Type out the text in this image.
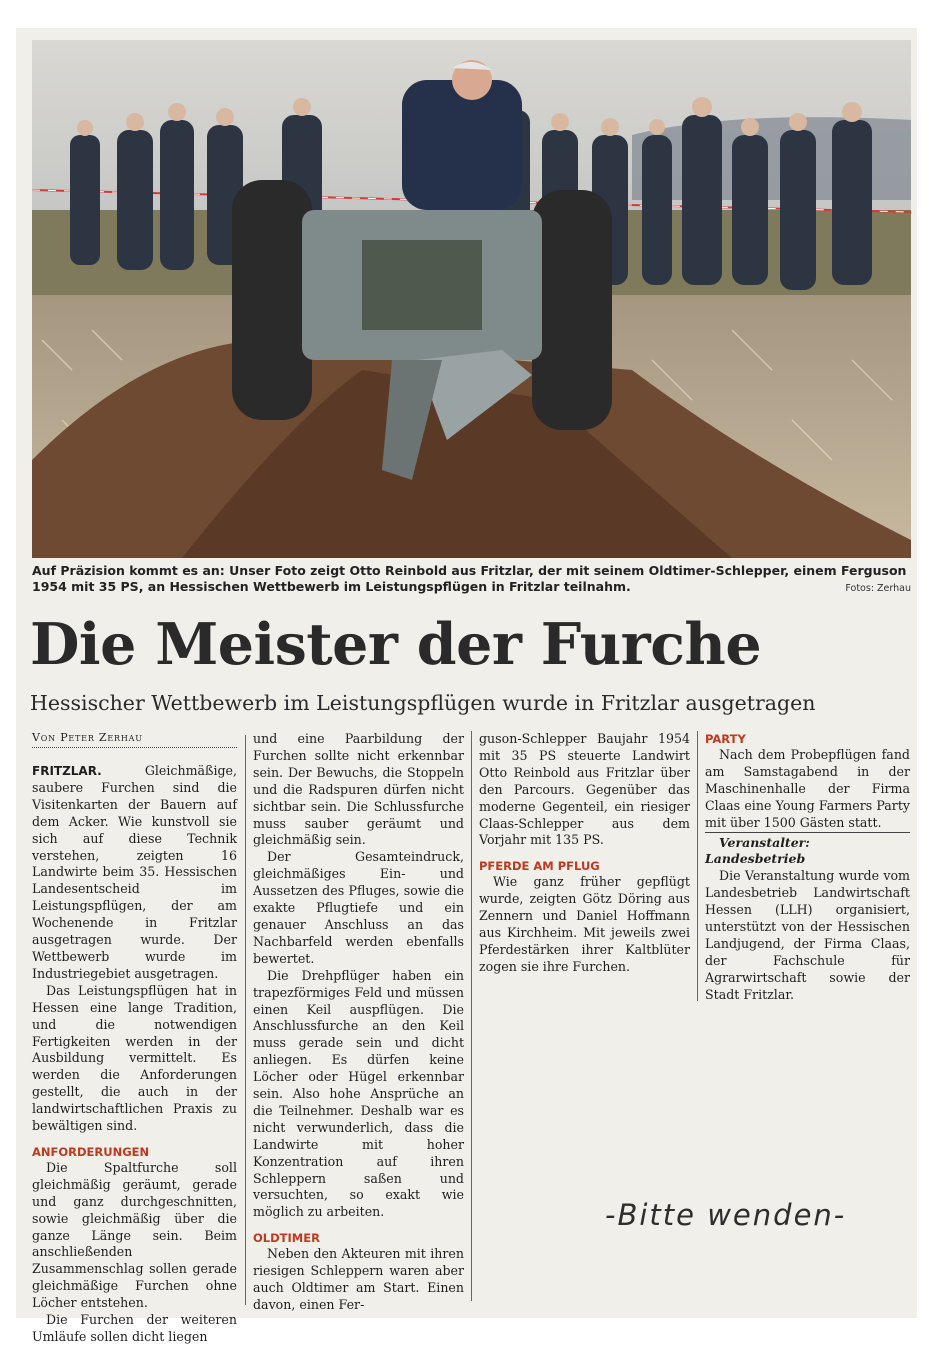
Auf Präzision kommt es an: Unser Foto zeigt Otto Reinbold aus Fritzlar, der mit seinem Oldtimer-Schlepper, einem Ferguson 1954 mit 35 PS, an Hessischen Wettbewerb im Leistungspflügen in Fritzlar teilnahm.	Fotos: Zerhau
Die Meister der Furche
Hessischer Wettbewerb im Leistungspflügen wurde in Fritzlar ausgetragen
Von Peter Zerhau

FRITZLAR.	Gleichmäßige, saubere Furchen sind die Visitenkarten der Bauern auf dem Acker. Wie kunstvoll sie sich auf diese Technik verstehen, zeigten 16 Landwirte beim 35. Hessischen Landesentscheid im Leistungspflügen, der am Wochenende in Fritzlar ausgetragen wurde. Der Wettbewerb wurde im Industriegebiet ausgetragen.

Das Leistungspflügen hat in Hessen eine lange Tradition, und die notwendigen Fertigkeiten werden in der Ausbildung vermittelt. Es werden die Anforderungen gestellt, die auch in der landwirtschaftlichen Praxis zu bewältigen sind.

ANFORDERUNGEN

Die Spaltfurche soll gleichmäßig geräumt, gerade und ganz durchgeschnitten, sowie gleichmäßig über die ganze Länge sein. Beim anschließenden Zusammenschlag sollen gerade gleichmäßige Furchen ohne Löcher entstehen.

Die Furchen der weiteren Umläufe sollen dicht liegen

und eine Paarbildung der Furchen sollte nicht erkennbar sein. Der Bewuchs, die Stoppeln und die Radspuren dürfen nicht sichtbar sein. Die Schlussfurche muss sauber geräumt und gleichmäßig sein.

Der Gesamteindruck, gleichmäßiges Ein- und Aussetzen des Pfluges, sowie die exakte Pflugtiefe und ein genauer Anschluss an das Nachbarfeld werden ebenfalls bewertet.

Die Drehpflüger haben ein trapezförmiges Feld und müssen einen Keil auspflügen. Die Anschlussfurche an den Keil muss gerade sein und dicht anliegen. Es dürfen keine Löcher oder Hügel erkennbar sein. Also hohe Ansprüche an die Teilnehmer. Deshalb war es nicht verwunderlich, dass die Landwirte mit hoher Konzentration auf ihren Schleppern saßen und versuchten, so exakt wie möglich zu arbeiten.

OLDTIMER

Neben den Akteuren mit ihren riesigen Schleppern waren aber auch Oldtimer am Start. Einen davon, einen Fer-

guson-Schlepper Baujahr 1954 mit 35 PS steuerte Landwirt Otto Reinbold aus Fritzlar über den Parcours. Gegenüber das moderne Gegenteil, ein riesiger Claas-Schlepper aus dem Vorjahr mit 135 PS.

PFERDE AM PFLUG

Wie ganz früher gepflügt wurde, zeigten Götz Döring aus Zennern und Daniel Hoffmann aus Kirchheim. Mit jeweils zwei Pferdestärken ihrer Kaltblüter zogen sie ihre Furchen.

PARTY

Nach dem Probepflügen fand am Samstagabend in der Maschinenhalle der Firma Claas eine Young Farmers Party mit über 1500 Gästen statt.

Veranstalter: Landesbetrieb

Die Veranstaltung wurde vom Landesbetrieb Landwirtschaft Hessen (LLH) organisiert, unterstützt von der Hessischen Landjugend, der Firma Claas, der Fachschule für Agrarwirtschaft sowie der Stadt Fritzlar.

-Bitte wenden-
